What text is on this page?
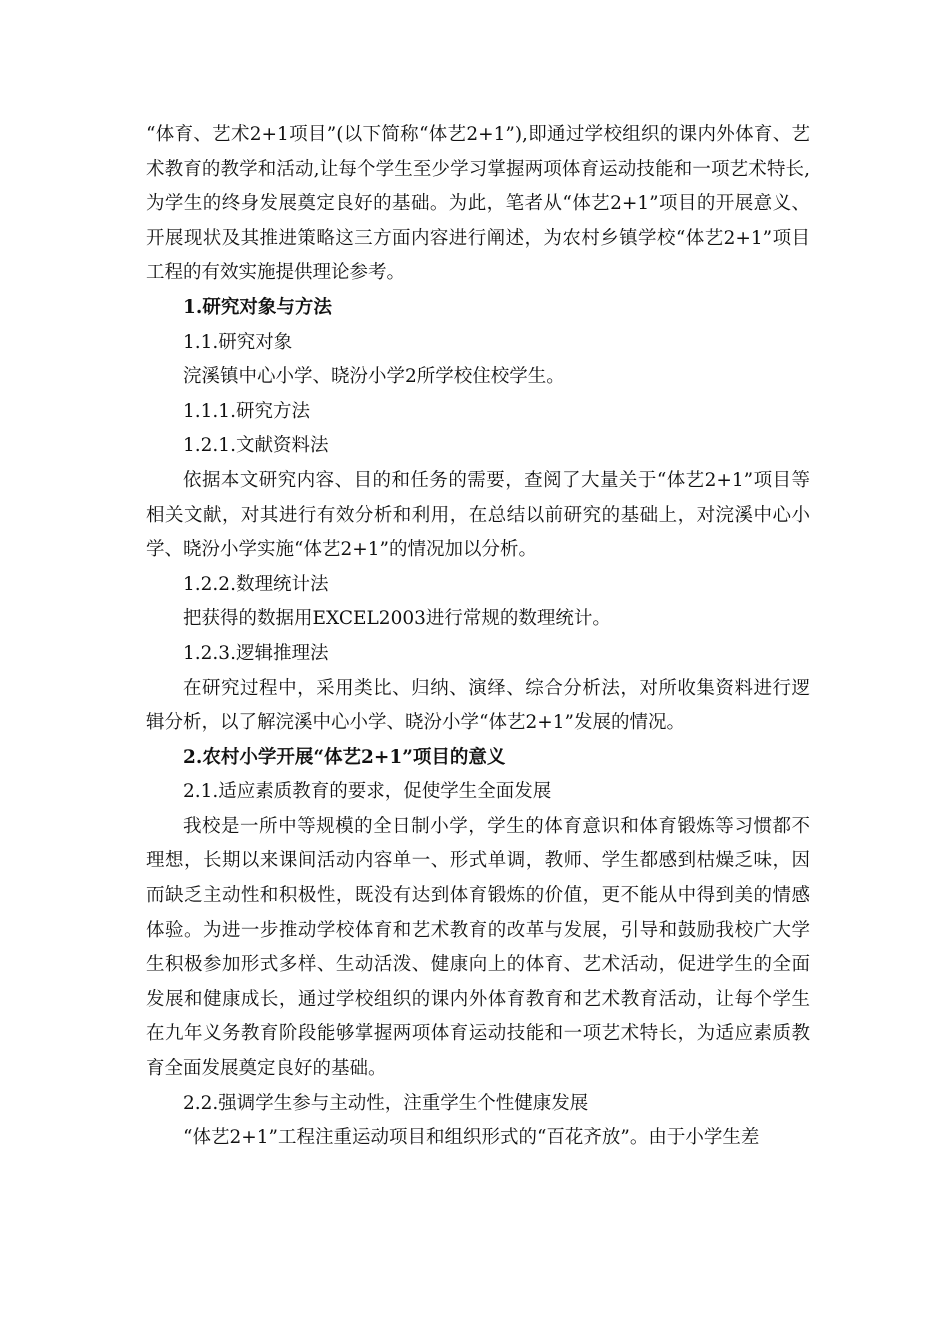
“体育、艺术2+1项目”(以下简称“体艺2+1”),即通过学校组织的课内外体育、艺术教育的教学和活动,让每个学生至少学习掌握两项体育运动技能和一项艺术特长,为学生的终身发展奠定良好的基础。为此，笔者从“体艺2+1”项目的开展意义、开展现状及其推进策略这三方面内容进行阐述，为农村乡镇学校“体艺2+1”项目工程的有效实施提供理论参考。

1.研究对象与方法

1.1.研究对象

浣溪镇中心小学、晓汾小学2所学校住校学生。

1.1.1.研究方法

1.2.1.文献资料法

依据本文研究内容、目的和任务的需要，查阅了大量关于“体艺2+1”项目等相关文献，对其进行有效分析和利用，在总结以前研究的基础上，对浣溪中心小学、晓汾小学实施“体艺2+1”的情况加以分析。

1.2.2.数理统计法

把获得的数据用EXCEL2003进行常规的数理统计。

1.2.3.逻辑推理法

在研究过程中，采用类比、归纳、演绎、综合分析法，对所收集资料进行逻辑分析，以了解浣溪中心小学、晓汾小学“体艺2+1”发展的情况。

2.农村小学开展“体艺2+1”项目的意义

2.1.适应素质教育的要求，促使学生全面发展

我校是一所中等规模的全日制小学，学生的体育意识和体育锻炼等习惯都不理想，长期以来课间活动内容单一、形式单调，教师、学生都感到枯燥乏味，因而缺乏主动性和积极性，既没有达到体育锻炼的价值，更不能从中得到美的情感体验。为进一步推动学校体育和艺术教育的改革与发展，引导和鼓励我校广大学生积极参加形式多样、生动活泼、健康向上的体育、艺术活动，促进学生的全面发展和健康成长，通过学校组织的课内外体育教育和艺术教育活动，让每个学生在九年义务教育阶段能够掌握两项体育运动技能和一项艺术特长，为适应素质教育全面发展奠定良好的基础。

2.2.强调学生参与主动性，注重学生个性健康发展

“体艺2+1”工程注重运动项目和组织形式的“百花齐放”。由于小学生差
